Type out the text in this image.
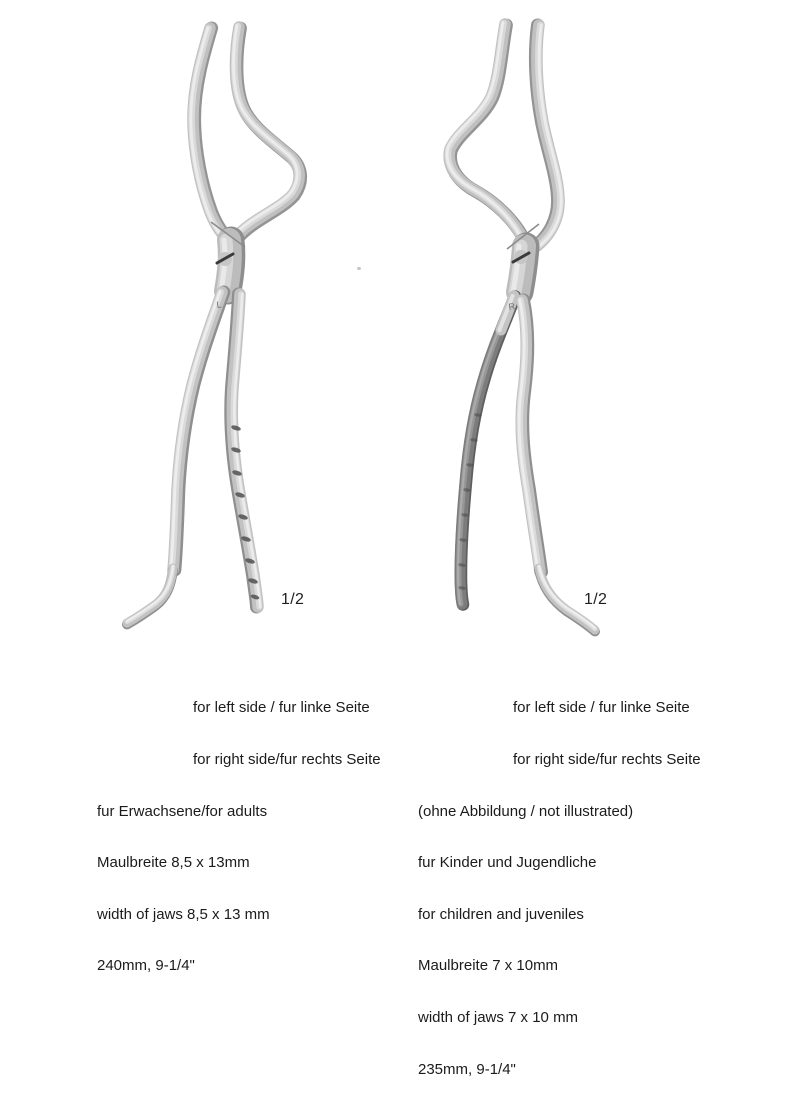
L	R
1/2	1/2

for left side / fur linke Seite

for right side/fur rechts Seite

fur Erwachsene/for adults

Maulbreite 8,5 x 13mm

width of jaws 8,5 x 13 mm

240mm, 9-1/4"

for left side / fur linke Seite

for right side/fur rechts Seite

(ohne Abbildung / not illustrated)

fur Kinder und Jugendliche

for children and juveniles

Maulbreite 7 x 10mm

width of jaws 7 x 10 mm

235mm, 9-1/4"
